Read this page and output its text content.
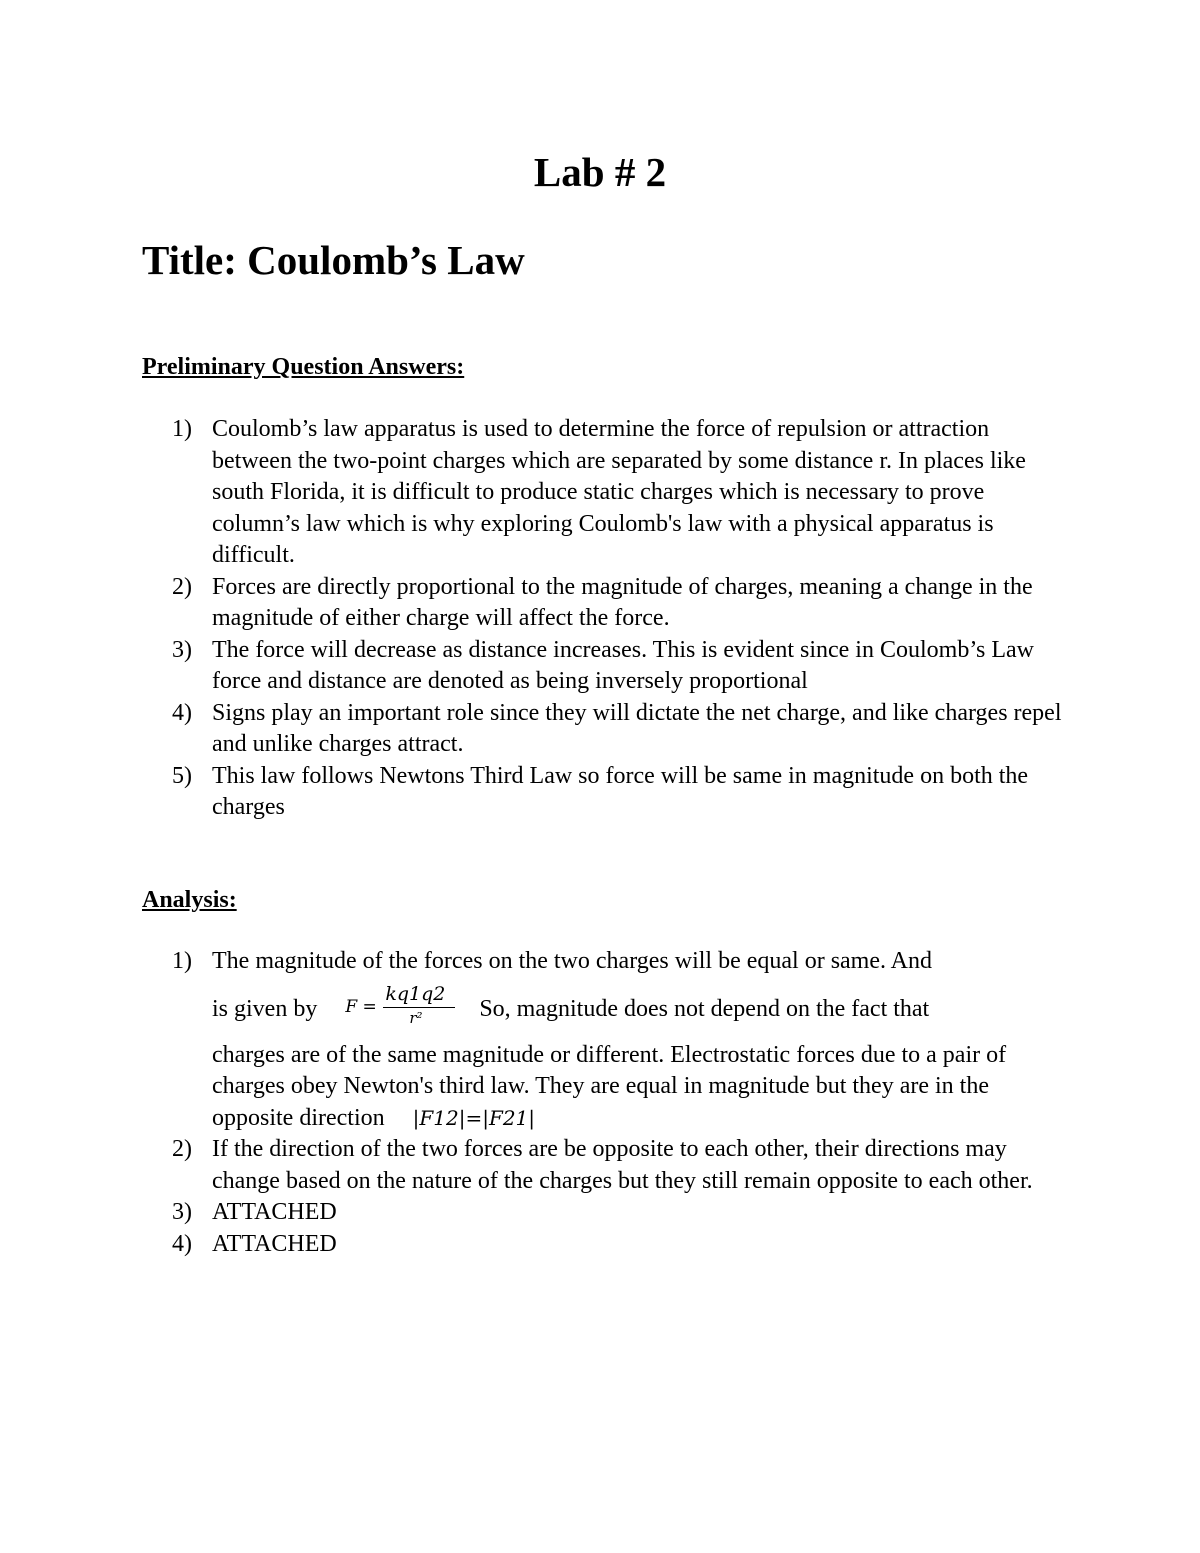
Lab # 2
Title: Coulomb’s Law
Preliminary Question Answers:
1) Coulomb’s law apparatus is used to determine the force of repulsion or attraction between the two-point charges which are separated by some distance r. In places like south Florida, it is difficult to produce static charges which is necessary to prove column’s law which is why exploring Coulomb's law with a physical apparatus is difficult.
2) Forces are directly proportional to the magnitude of charges, meaning a change in the magnitude of either charge will affect the force.
3) The force will decrease as distance increases. This is evident since in Coulomb’s Law force and distance are denoted as being inversely proportional
4) Signs play an important role since they will dictate the net charge, and like charges repel and unlike charges attract.
5) This law follows Newtons Third Law so force will be same in magnitude on both the charges
Analysis:
1) The magnitude of the forces on the two charges will be equal or same. And
is given by F =
kq1q2
r² So, magnitude does not depend on the fact that
charges are of the same magnitude or different. Electrostatic forces due to a pair of charges obey Newton's third law. They are equal in magnitude but they are in the opposite direction |F12|=|F21|
2) If the direction of the two forces are be opposite to each other, their directions may change based on the nature of the charges but they still remain opposite to each other.
3) ATTACHED
4) ATTACHED
